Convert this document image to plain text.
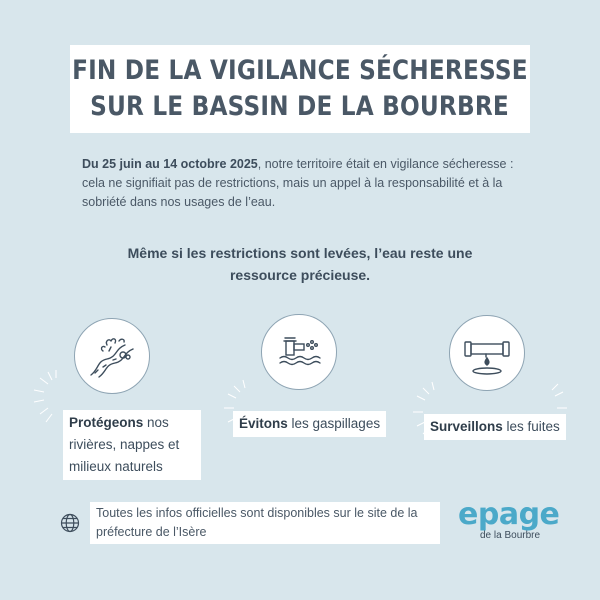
FIN DE LA VIGILANCE SÉCHERESSE
SUR LE BASSIN DE LA BOURBRE
Du 25 juin au 14 octobre 2025, notre territoire était en vigilance sécheresse : cela ne signifiait pas de restrictions, mais un appel à la responsabilité et à la sobriété dans nos usages de l’eau.
Même si les restrictions sont levées, l’eau reste une ressource précieuse.
Protégeons nos rivières, nappes et milieux naturels
Évitons les gaspillages	Surveillons les fuites
Toutes les infos officielles sont disponibles sur le site de la préfecture de l’Isère	epage
de la Bourbre
